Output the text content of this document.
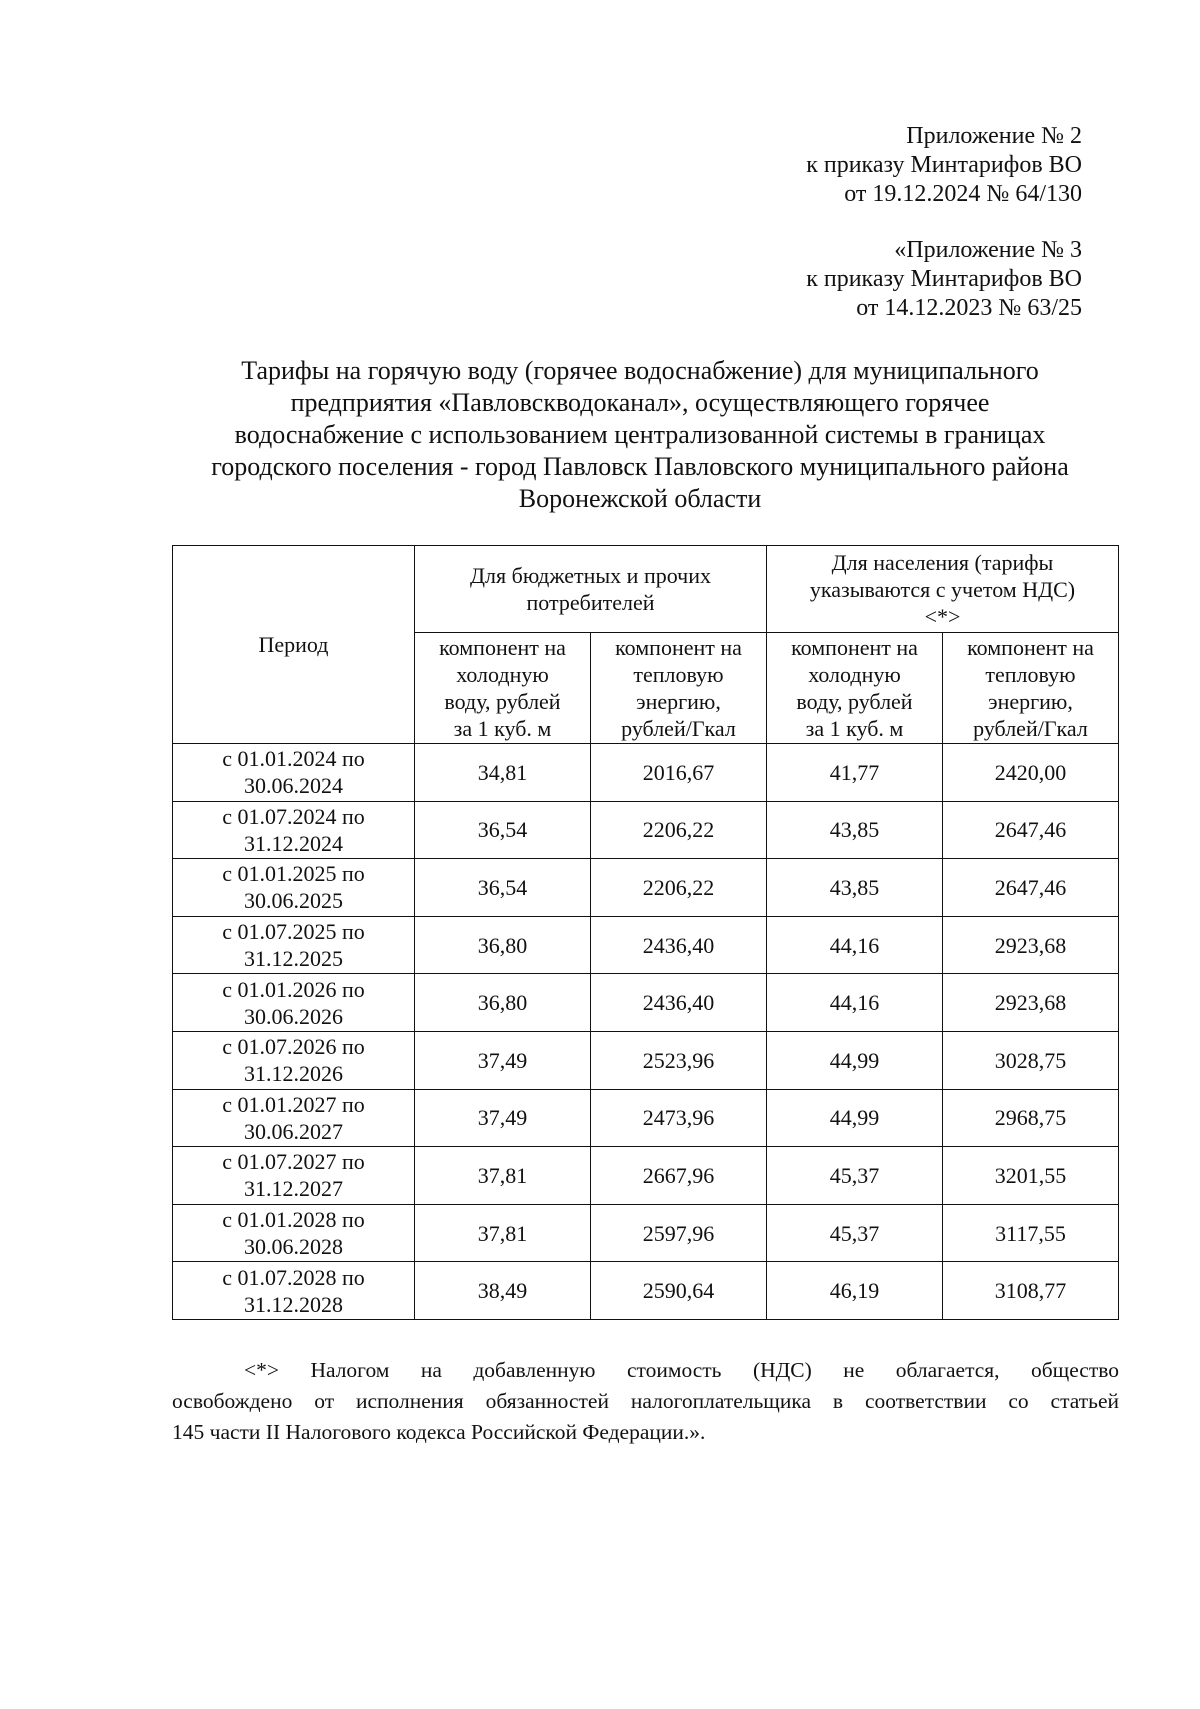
Приложение № 2
к приказу Минтарифов ВО
от 19.12.2024 № 64/130
«Приложение № 3
к приказу Минтарифов ВО
от 14.12.2023 № 63/25
Тарифы на горячую воду (горячее водоснабжение) для муниципального
предприятия «Павловскводоканал», осуществляющего горячее
водоснабжение с использованием централизованной системы в границах
городского поселения - город Павловск Павловского муниципального района
Воронежской области
Период	Для бюджетных и прочих
потребителей		Для населения (тарифы
указываются с учетом НДС)
<*>	

	компонент на
холодную
воду, рублей
за 1 куб. м	компонент на
тепловую
энергию,
рублей/Гкал	компонент на
холодную
воду, рублей
за 1 куб. м	компонент на
тепловую
энергию,
рублей/Гкал

с 01.01.2024 по
30.06.2024	34,81	2016,67	41,77	2420,00

с 01.07.2024 по
31.12.2024	36,54	2206,22	43,85	2647,46

с 01.01.2025 по
30.06.2025	36,54	2206,22	43,85	2647,46

с 01.07.2025 по
31.12.2025	36,80	2436,40	44,16	2923,68

с 01.01.2026 по
30.06.2026	36,80	2436,40	44,16	2923,68

с 01.07.2026 по
31.12.2026	37,49	2523,96	44,99	3028,75

с 01.01.2027 по
30.06.2027	37,49	2473,96	44,99	2968,75

с 01.07.2027 по
31.12.2027	37,81	2667,96	45,37	3201,55

с 01.01.2028 по
30.06.2028	37,81	2597,96	45,37	3117,55

с 01.07.2028 по
31.12.2028	38,49	2590,64	46,19	3108,77
<*> Налогом на добавленную стоимость (НДС) не облагается, общество
освобождено от исполнения обязанностей налогоплательщика в соответствии со статьей
145 части II Налогового кодекса Российской Федерации.».
